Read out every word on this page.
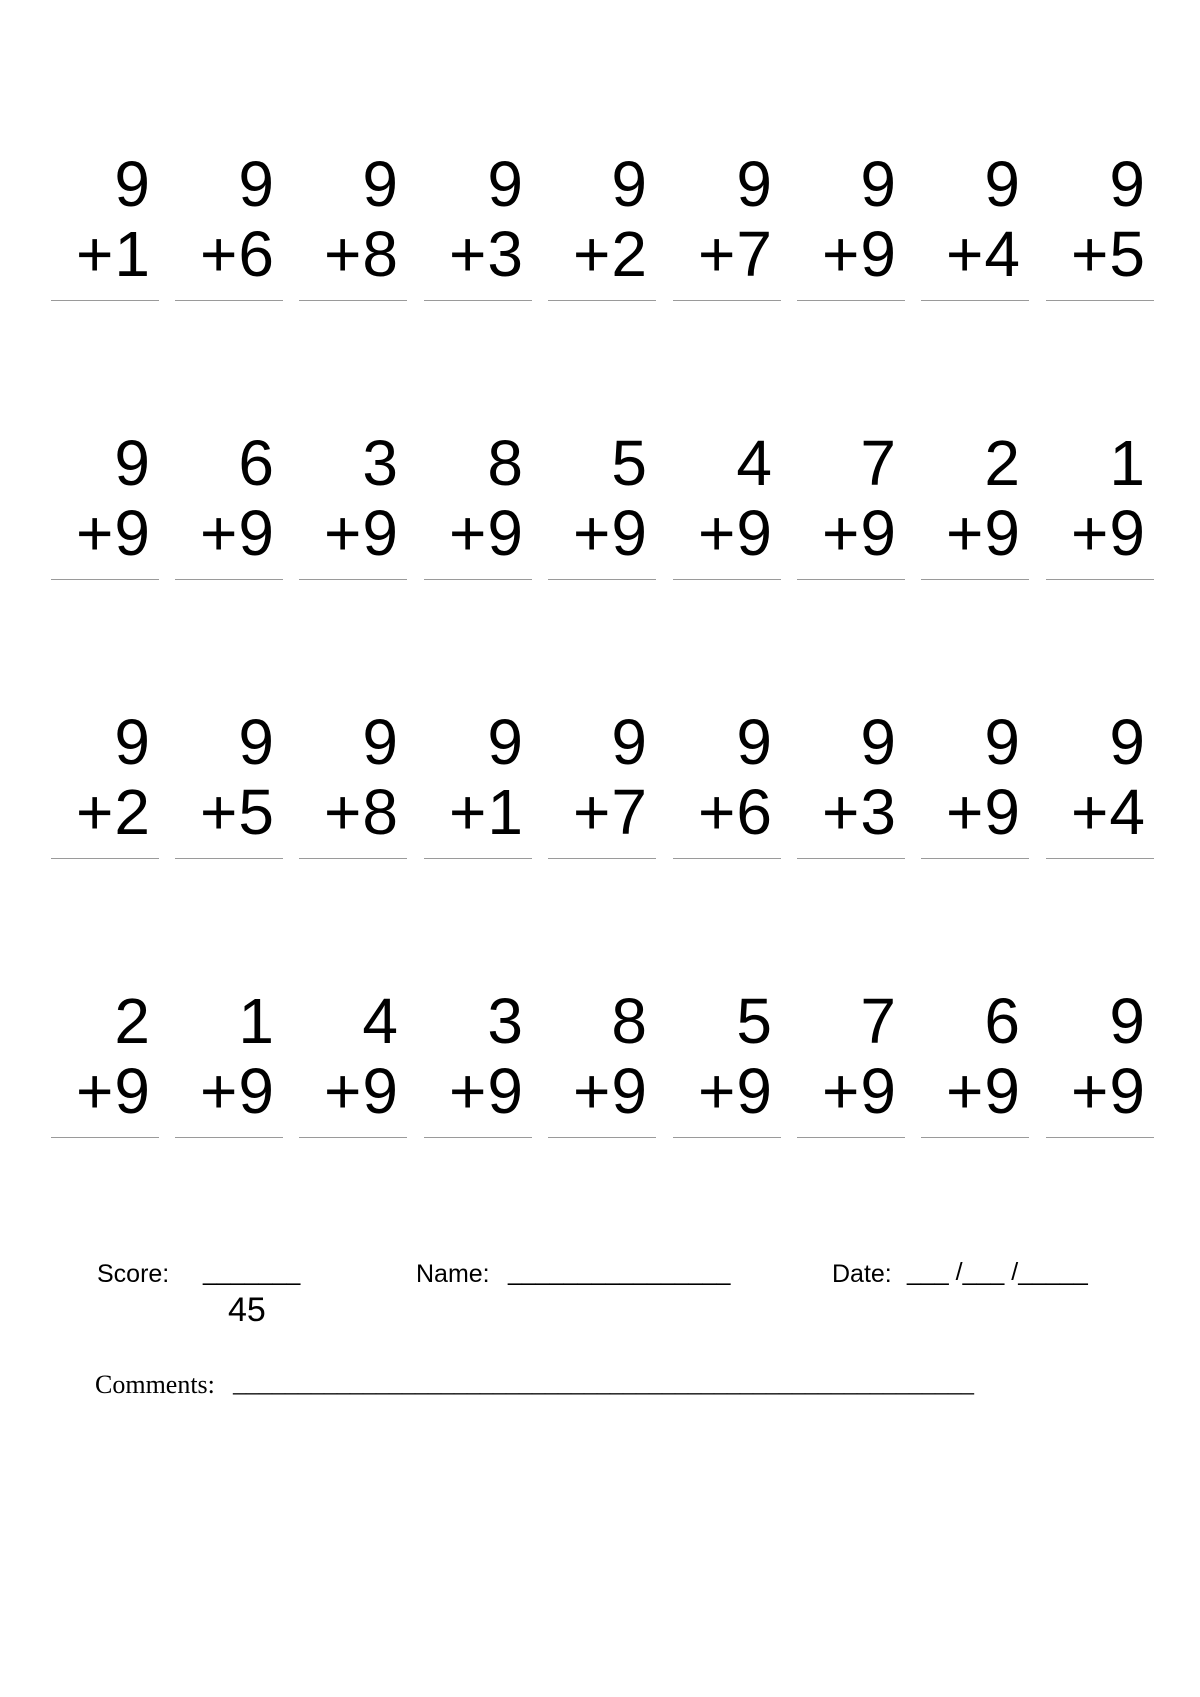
9
+1
9
+6
9
+8
9
+3
9
+2
9
+7
9
+9
9
+4
9
+5
9
+9
6
+9
3
+9
8
+9
5
+9
4
+9
7
+9
2
+9
1
+9
9
+2
9
+5
9
+8
9
+1
9
+7
9
+6
9
+3
9
+9
9
+4
2
+9
1
+9
4
+9
3
+9
8
+9
5
+9
7
+9
6
+9
9
+9
Score: _______
45
Name: ________________	Date: ___ /___ /_____
Comments: _________________________________________________________
